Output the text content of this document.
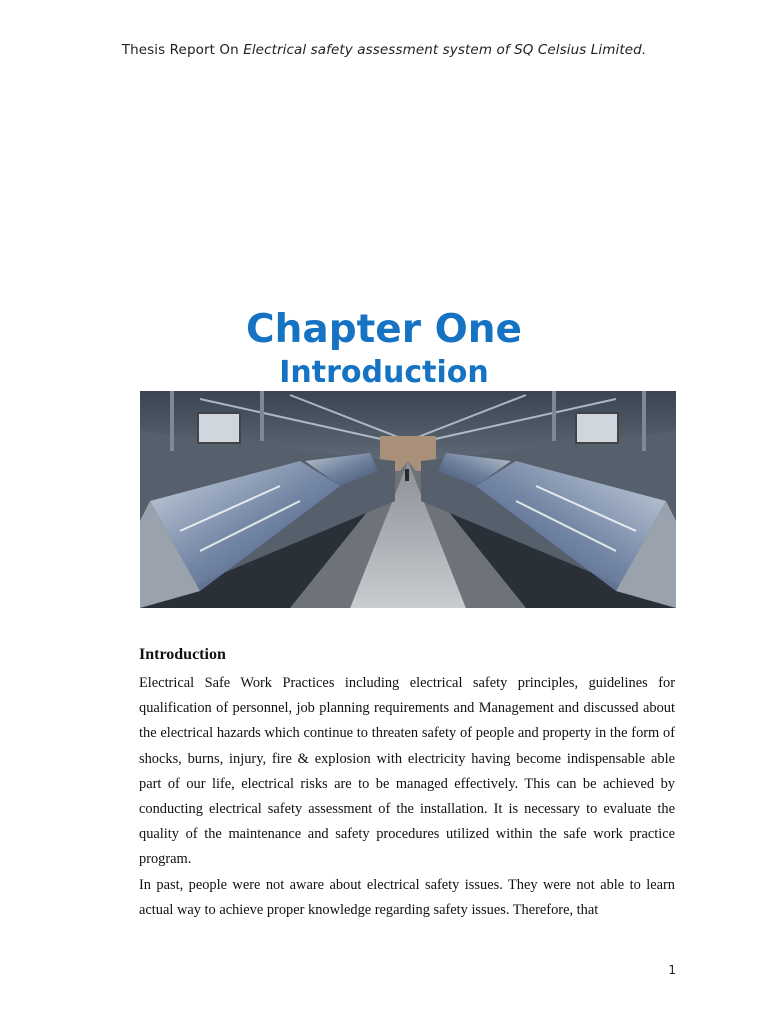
Thesis Report On Electrical safety assessment system of SQ Celsius Limited.
Chapter One
Introduction
Introduction

Electrical Safe Work Practices including electrical safety principles, guidelines for qualification of personnel, job planning requirements and Management and discussed about the electrical hazards which continue to threaten safety of people and property in the form of shocks, burns, injury, fire & explosion with electricity having become indispensable able part of our life, electrical risks are to be managed effectively. This can be achieved by conducting electrical safety assessment of the installation. It is necessary to evaluate the quality of the maintenance and safety procedures utilized within the safe work practice program.

In past, people were not aware about electrical safety issues. They were not able to learn actual way to achieve proper knowledge regarding safety issues. Therefore, that

1
